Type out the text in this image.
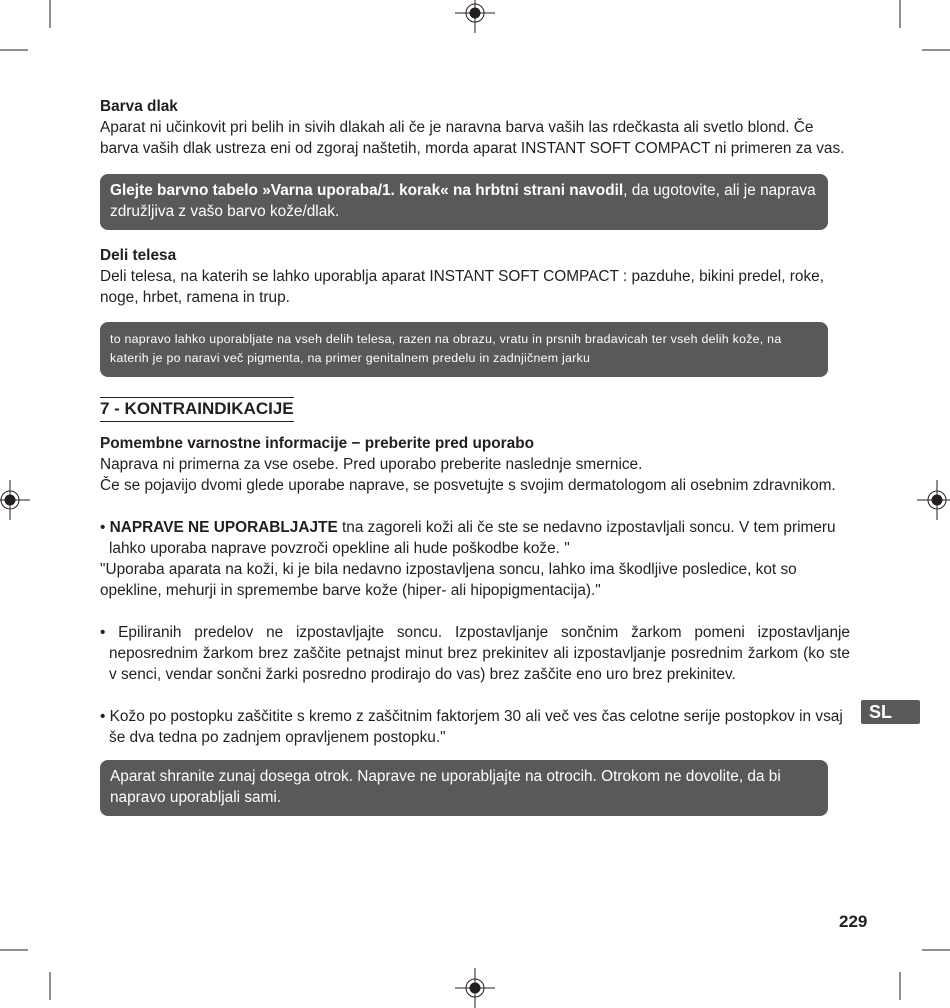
Barva dlak

Aparat ni učinkovit pri belih in sivih dlakah ali če je naravna barva vaših las rdečkasta ali svetlo blond. Če barva vaših dlak ustreza eni od zgoraj naštetih, morda aparat INSTANT SOFT COMPACT ni primeren za vas.

Glejte barvno tabelo »Varna uporaba/1. korak« na hrbtni strani navodil, da ugotovite, ali je naprava združljiva z vašo barvo kože/dlak.

Deli telesa

Deli telesa, na katerih se lahko uporablja aparat INSTANT SOFT COMPACT : pazduhe, bikini predel, roke, noge, hrbet, ramena in trup.

to napravo lahko uporabljate na vseh delih telesa, razen na obrazu, vratu in prsnih bradavicah ter vseh delih kože, na katerih je po naravi več pigmenta, na primer genitalnem predelu in zadnjičnem jarku
7 - KONTRAINDIKACIJE

Pomembne varnostne informacije − preberite pred uporabo

Naprava ni primerna za vse osebe. Pred uporabo preberite naslednje smernice.

Če se pojavijo dvomi glede uporabe naprave, se posvetujte s svojim dermatologom ali osebnim zdravnikom.

• NAPRAVE NE UPORABLJAJTE tna zagoreli koži ali če ste se nedavno izpostavljali soncu. V tem primeru lahko uporaba naprave povzroči opekline ali hude poškodbe kože. "

"Uporaba aparata na koži, ki je bila nedavno izpostavljena soncu, lahko ima škodljive posledice, kot so opekline, mehurji in spremembe barve kože (hiper- ali hipopigmentacija)."

• Epiliranih predelov ne izpostavljajte soncu. Izpostavljanje sončnim žarkom pomeni izpostavljanje neposrednim žarkom brez zaščite petnajst minut brez prekinitev ali izpostavljanje posrednim žarkom (ko ste v senci, vendar sončni žarki posredno prodirajo do vas) brez zaščite eno uro brez prekinitev.

• Kožo po postopku zaščitite s kremo z zaščitnim faktorjem 30 ali več ves čas celotne serije postopkov in vsaj še dva tedna po zadnjem opravljenem postopku."

Aparat shranite zunaj dosega otrok. Naprave ne uporabljajte na otrocih. Otrokom ne dovolite, da bi napravo uporabljali sami.
SL
229
